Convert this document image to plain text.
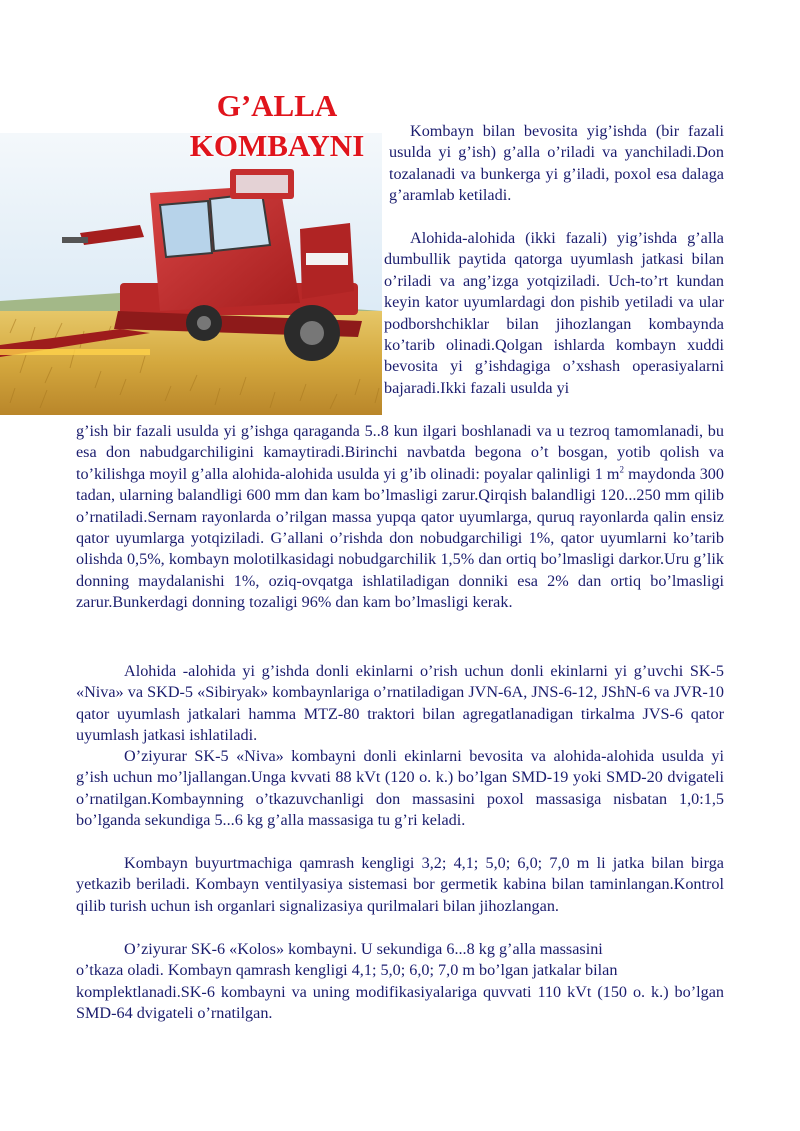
G’ALLA KOMBAYNI	Kombayn bilan bevosita yig’ishda (bir fazali usulda yi g’ish) g’alla o’riladi va yanchiladi.Don tozalanadi va bunkerga yi g’iladi, poxol esa dalaga g’aramlab ketiladi.

Alohida-alohida (ikki fazali) yig’ishda g’alla dumbullik paytida qatorga uyumlash jatkasi bilan o’riladi va ang’izga yotqiziladi. Uch-to’rt kundan keyin kator uyumlardagi don pishib yetiladi va ular podborshchiklar bilan jihozlangan kombaynda ko’tarib olinadi.Qolgan ishlarda kombayn xuddi bevosita yi g’ishdagiga o’xshash operasiyalarni bajaradi.Ikki fazali usulda yi

g’ish bir fazali usulda yi g’ishga qaraganda 5..8 kun ilgari boshlanadi va u tezroq tamomlanadi, bu esa don nabudgarchiligini kamaytiradi.Birinchi navbatda begona o’t bosgan, yotib qolish va to’kilishga moyil g’alla alohida-alohida usulda yi g’ib olinadi: poyalar qalinligi 1 $m^2$ maydonda 300 tadan, ularning balandligi 600 mm dan kam bo’lmasligi zarur.Qirqish balandligi 120...250 mm qilib o’rnatiladi.Sernam rayonlarda o’rilgan massa yupqa qator uyumlarga, quruq rayonlarda qalin ensiz qator uyumlarga yotqiziladi. G’allani o’rishda don nobudgarchiligi 1%, qator uyumlarni ko’tarib olishda 0,5%, kombayn molotilkasidagi nobudgarchilik 1,5% dan ortiq bo’lmasligi darkor.Uru g’lik donning maydalanishi 1%, oziq-ovqatga ishlatiladigan donniki esa 2% dan ortiq bo’lmasligi zarur.Bunkerdagi donning tozaligi 96% dan kam bo’lmasligi kerak.

Alohida -alohida yi g’ishda donli ekinlarni o’rish uchun donli ekinlarni yi g’uvchi SK-5 «Niva» va SKD-5 «Sibiryak» kombaynlariga o’rnatiladigan JVN-6A, JNS-6-12, JShN-6 va JVR-10 qator uyumlash jatkalari hamma MTZ-80 traktori bilan agregatlanadigan tirkalma JVS-6 qator uyumlash jatkasi ishlatiladi.

O’ziyurar SK-5 «Niva» kombayni donli ekinlarni bevosita va alohida-alohida usulda yi g’ish uchun mo’ljallangan.Unga kvvati 88 kVt (120 o. k.) bo’lgan SMD-19 yoki SMD-20 dvigateli o’rnatilgan.Kombaynning o’tkazuvchanligi don massasini poxol massasiga nisbatan 1,0:1,5 bo’lganda sekundiga 5...6 kg g’alla massasiga tu g’ri keladi.

Kombayn buyurtmachiga qamrash kengligi 3,2; 4,1; 5,0; 6,0; 7,0 m li jatka bilan birga yetkazib beriladi. Kombayn ventilyasiya sistemasi bor germetik kabina bilan taminlangan.Kontrol qilib turish uchun ish organlari signalizasiya qurilmalari bilan jihozlangan.

O’ziyurar SK-6 «Kolos» kombayni. U sekundiga 6...8 kg g’alla massasini
o’tkaza oladi. Kombayn qamrash kengligi 4,1; 5,0; 6,0; 7,0 m bo’lgan jatkalar bilan
komplektlanadi.SK-6 kombayni va uning modifikasiyalariga quvvati 110 kVt (150 o. k.) bo’lgan SMD-64 dvigateli o’rnatilgan.
